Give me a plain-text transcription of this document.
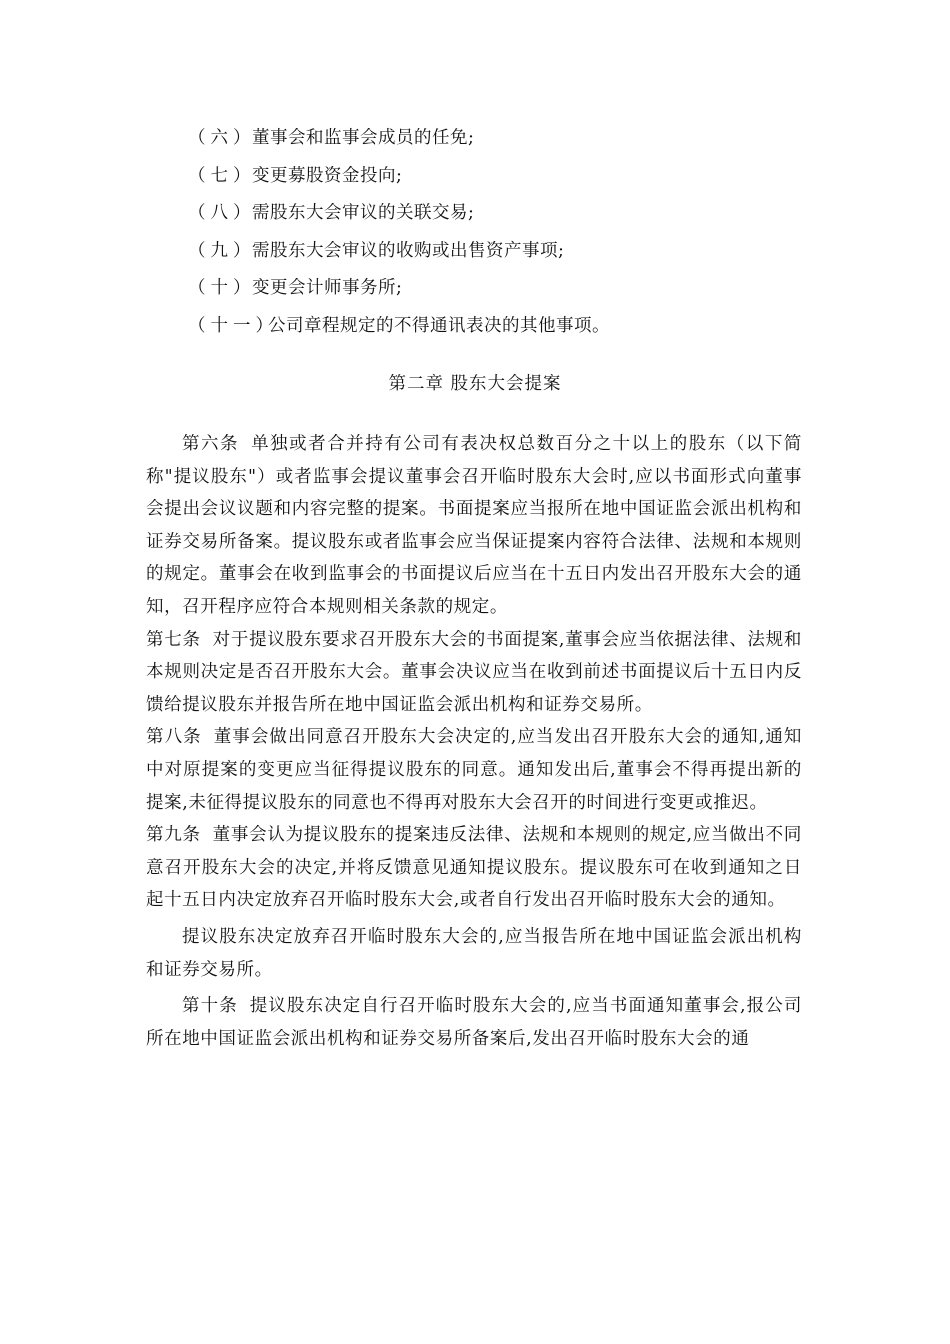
（六）董事会和监事会成员的任免;
（七）变更募股资金投向;
（八）需股东大会审议的关联交易;
（九）需股东大会审议的收购或出售资产事项;
（十）变更会计师事务所;
（十一）公司章程规定的不得通讯表决的其他事项。
第二章 股东大会提案

第六条 单独或者合并持有公司有表决权总数百分之十以上的股东（以下简称"提议股东"）或者监事会提议董事会召开临时股东大会时,应以书面形式向董事会提出会议议题和内容完整的提案。书面提案应当报所在地中国证监会派出机构和证券交易所备案。提议股东或者监事会应当保证提案内容符合法律、法规和本规则的规定。董事会在收到监事会的书面提议后应当在十五日内发出召开股东大会的通知，召开程序应符合本规则相关条款的规定。

第七条 对于提议股东要求召开股东大会的书面提案,董事会应当依据法律、法规和本规则决定是否召开股东大会。董事会决议应当在收到前述书面提议后十五日内反馈给提议股东并报告所在地中国证监会派出机构和证券交易所。

第八条 董事会做出同意召开股东大会决定的,应当发出召开股东大会的通知,通知中对原提案的变更应当征得提议股东的同意。通知发出后,董事会不得再提出新的提案,未征得提议股东的同意也不得再对股东大会召开的时间进行变更或推迟。

第九条 董事会认为提议股东的提案违反法律、法规和本规则的规定,应当做出不同意召开股东大会的决定,并将反馈意见通知提议股东。提议股东可在收到通知之日起十五日内决定放弃召开临时股东大会,或者自行发出召开临时股东大会的通知。

提议股东决定放弃召开临时股东大会的,应当报告所在地中国证监会派出机构和证券交易所。

第十条 提议股东决定自行召开临时股东大会的,应当书面通知董事会,报公司所在地中国证监会派出机构和证券交易所备案后,发出召开临时股东大会的通
